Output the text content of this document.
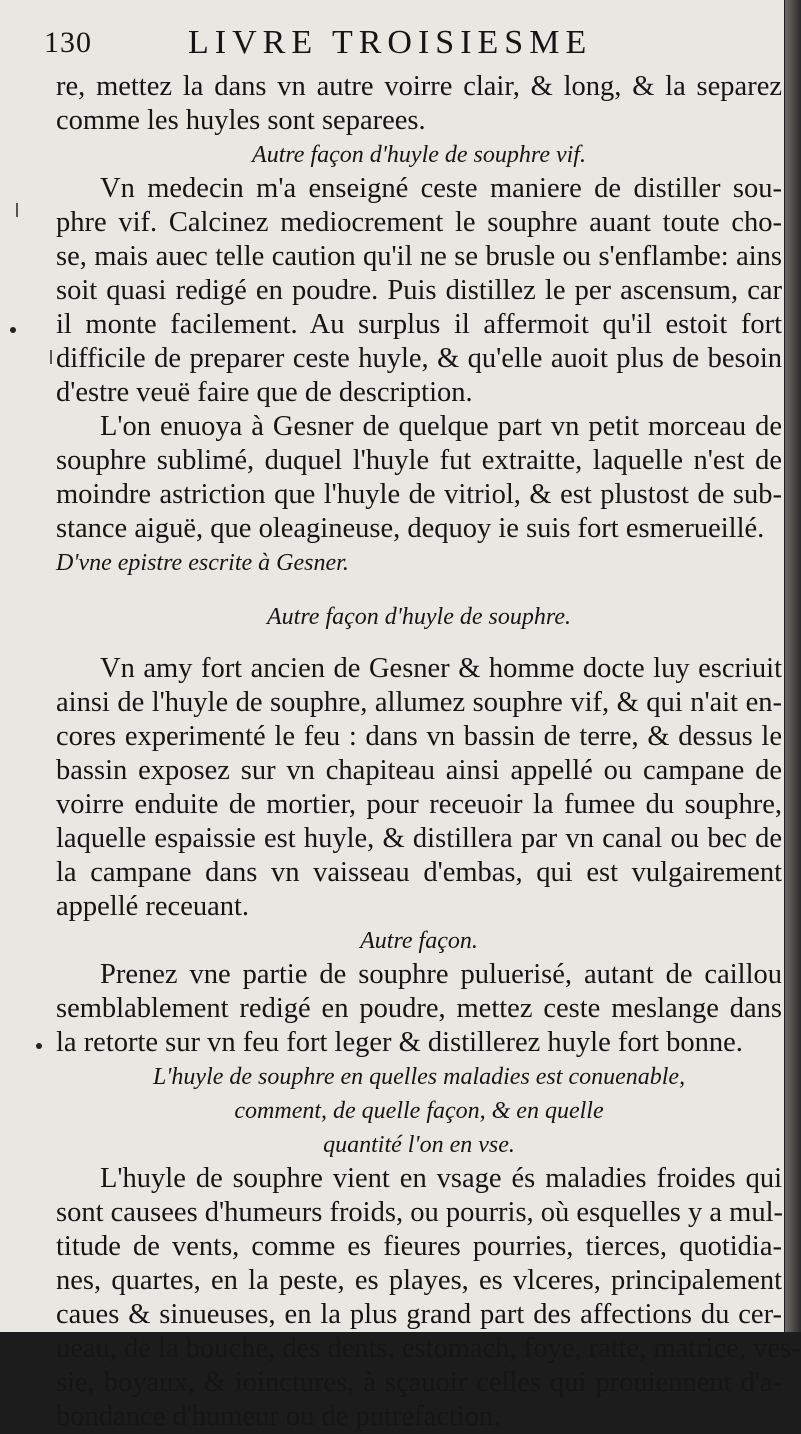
130	LIVRE TROISIESME
re, mettez la dans vn autre voirre clair, & long, & la separez
comme les huyles sont separees.
Autre façon d'huyle de souphre vif.
Vn medecin m'a enseigné ceste maniere de distiller sou-
phre vif. Calcinez mediocrement le souphre auant toute cho-
se, mais auec telle caution qu'il ne se brusle ou s'enflambe: ains
soit quasi redigé en poudre. Puis distillez le per ascensum, car
il monte facilement. Au surplus il affermoit qu'il estoit fort
difficile de preparer ceste huyle, & qu'elle auoit plus de besoin
d'estre veuë faire que de description.
L'on enuoya à Gesner de quelque part vn petit morceau de
souphre sublimé, duquel l'huyle fut extraitte, laquelle n'est de
moindre astriction que l'huyle de vitriol, & est plustost de sub-
stance aiguë, que oleagineuse, dequoy ie suis fort esmerueillé.
D'vne epistre escrite à Gesner.
Autre façon d'huyle de souphre.
Vn amy fort ancien de Gesner & homme docte luy escriuit
ainsi de l'huyle de souphre, allumez souphre vif, & qui n'ait en-
cores experimenté le feu : dans vn bassin de terre, & dessus le
bassin exposez sur vn chapiteau ainsi appellé ou campane de
voirre enduite de mortier, pour receuoir la fumee du souphre,
laquelle espaissie est huyle, & distillera par vn canal ou bec de
la campane dans vn vaisseau d'embas, qui est vulgairement
appellé receuant.
Autre façon.
Prenez vne partie de souphre puluerisé, autant de caillou
semblablement redigé en poudre, mettez ceste meslange dans
la retorte sur vn feu fort leger & distillerez huyle fort bonne.
L'huyle de souphre en quelles maladies est conuenable,
comment, de quelle façon, & en quelle
quantité l'on en vse.
L'huyle de souphre vient en vsage és maladies froides qui
sont causees d'humeurs froids, ou pourris, où esquelles y a mul-
titude de vents, comme es fieures pourries, tierces, quotidia-
nes, quartes, en la peste, es playes, es vlceres, principalement
caues & sinueuses, en la plus grand part des affections du cer-
ueau, de la bouche, des dents, estomach, foye, ratte, matrice, ves-
sie, boyaux, & ioinctures, à sçauoir celles qui prouiennent d'a-
bondance d'humeur ou de putrefaction.
